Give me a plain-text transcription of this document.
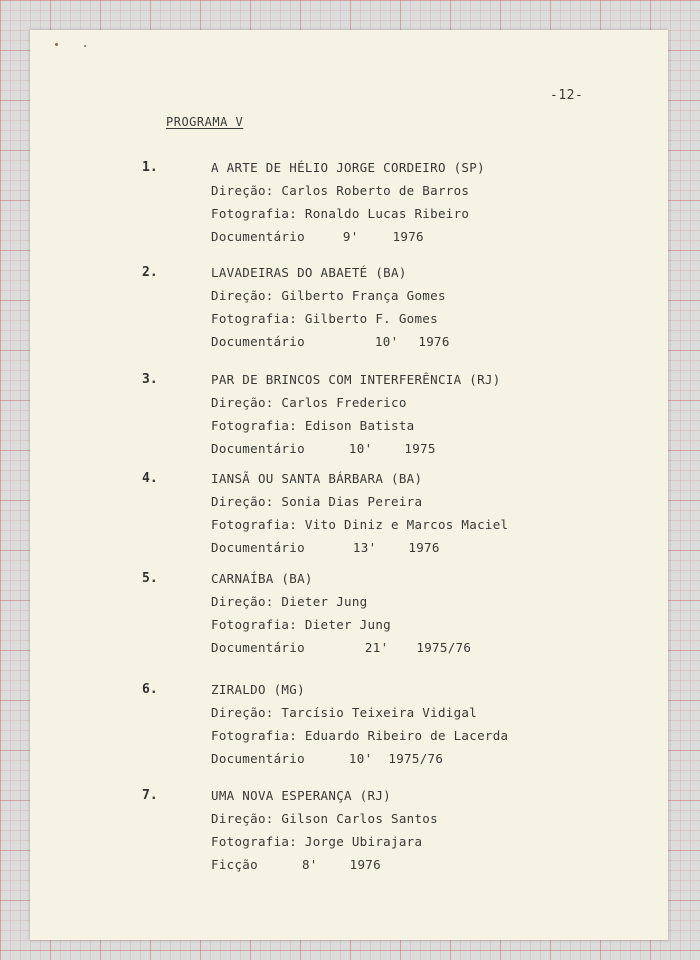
-12-
PROGRAMA V
1.	A ARTE DE HÉLIO JORGE CORDEIRO (SP)
Direção: Carlos Roberto de Barros
Fotografia: Ronaldo Lucas Ribeiro
Documentário	9'	1976
2.	LAVADEIRAS DO ABAETÉ (BA)
Direção: Gilberto França Gomes
Fotografia: Gilberto F. Gomes
Documentário	10' 1976
3.	PAR DE BRINCOS COM INTERFERÊNCIA (RJ)
Direção: Carlos Frederico
Fotografia: Edison Batista
Documentário	10'	1975
4.	IANSÃ OU SANTA BÁRBARA (BA)
Direção: Sonia Dias Pereira
Fotografia: Vito Diniz e Marcos Maciel
Documentário	13'	1976
5.	CARNAÍBA (BA)
Direção: Dieter Jung
Fotografia: Dieter Jung
Documentário	21' 1975/76
6.	ZIRALDO (MG)
Direção: Tarcísio Teixeira Vidigal
Fotografia: Eduardo Ribeiro de Lacerda
Documentário	10' 1975/76
7.	UMA NOVA ESPERANÇA (RJ)
Direção: Gilson Carlos Santos
Fotografia: Jorge Ubirajara
Ficção	8'	1976
